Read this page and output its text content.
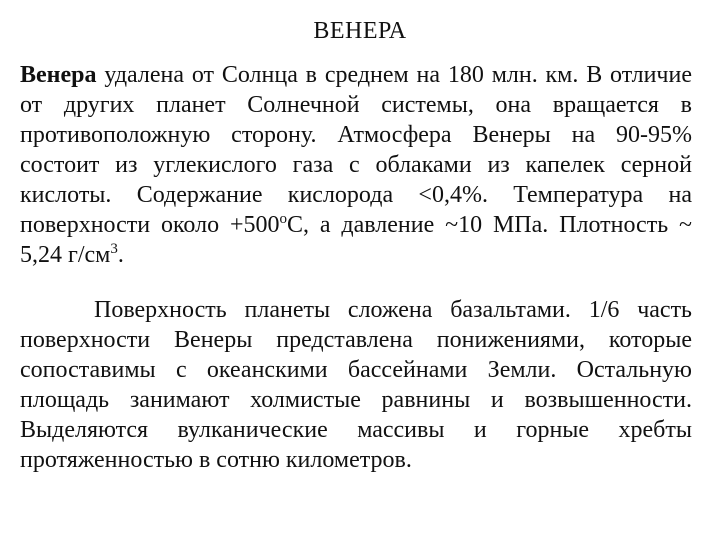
ВЕНЕРА

Венера удалена от Солнца в среднем на 180 млн. км. В отличие от других планет Солнечной системы, она вращается в противоположную сторону. Атмосфера Венеры на 90-95% состоит из углекислого газа с облаками из капелек серной кислоты. Содержание кислорода <0,4%. Температура на поверхности около $+500^оС$, а давление ~10 МПа. Плотность ~ 5,24 $г/см^3$.

Поверхность планеты сложена базальтами. 1/6 часть поверхности Венеры представлена понижениями, которые сопоставимы с океанскими бассейнами Земли. Остальную площадь занимают холмистые равнины и возвышенности. Выделяются вулканические массивы и горные хребты протяженностью в сотню километров.
